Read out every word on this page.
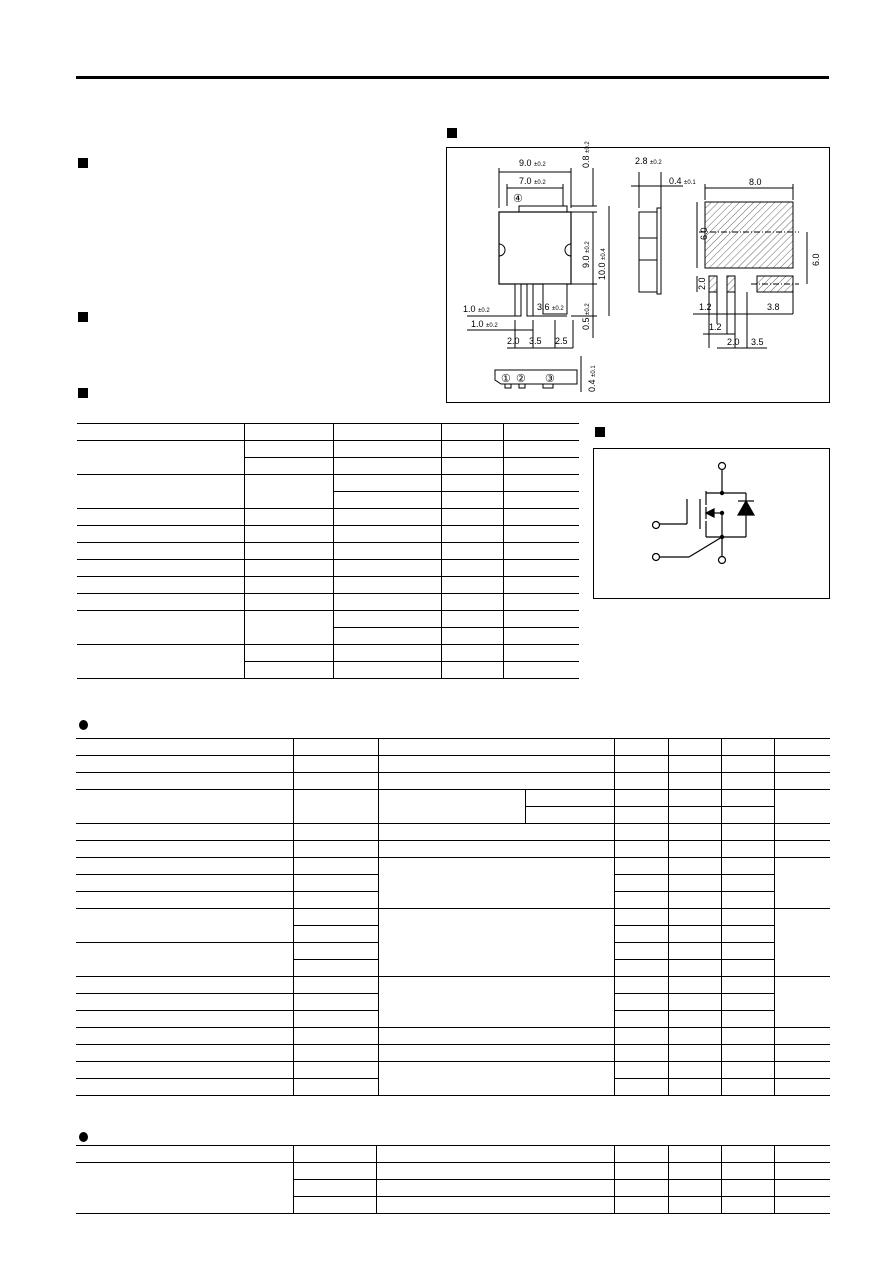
9.0 ±0.2
7.0 ±0.2
0.8 ±0.2
9.0 ±0.2
10.0 ±0.4
0.5 ±0.2
1.0 ±0.2
1.0 ±0.2
3.6 ±0.2
2.0 3.5 2.5
2.8 ±0.2
0.4 ±0.1
0.4 ±0.1
④
① ② ③
8.0
6.0
6.0
2.0
1.2
1.2
3.8
2.0 3.5
